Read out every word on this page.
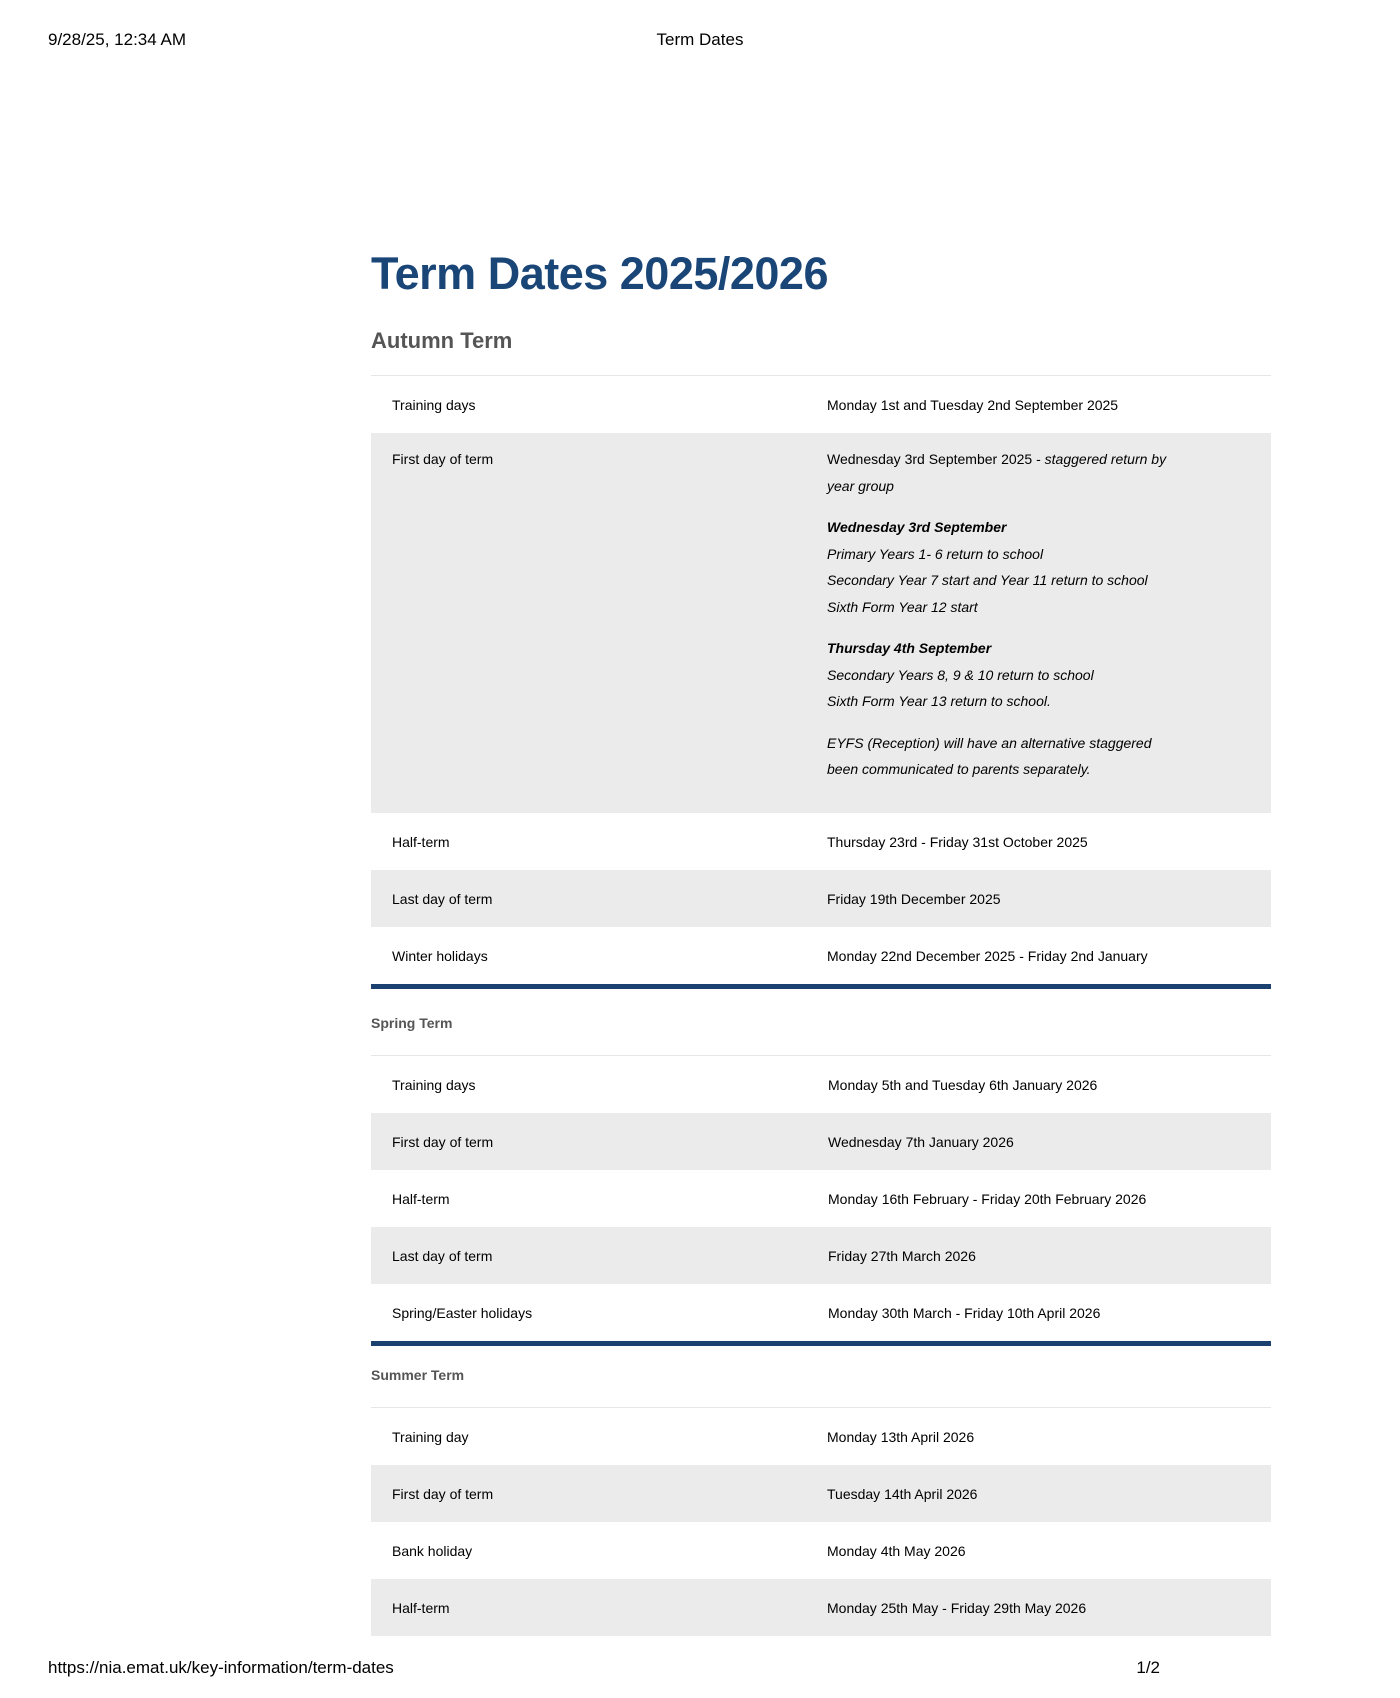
9/28/25, 12:34 AM	Term Dates
Term Dates 2025/2026
Autumn Term
Training days	Monday 1st and Tuesday 2nd September 2025
First day of term	Wednesday 3rd September 2025 - staggered return by
year group
Wednesday 3rd September
Primary Years 1- 6 return to school
Secondary Year 7 start and Year 11 return to school
Sixth Form Year 12 start
Thursday 4th September
Secondary Years 8, 9 & 10 return to school
Sixth Form Year 13 return to school.
EYFS (Reception) will have an alternative staggered
been communicated to parents separately.
Half-term	Thursday 23rd - Friday 31st October 2025
Last day of term	Friday 19th December 2025
Winter holidays	Monday 22nd December 2025 - Friday 2nd January
Spring Term
Training days	Monday 5th and Tuesday 6th January 2026
First day of term	Wednesday 7th January 2026
Half-term	Monday 16th February - Friday 20th February 2026
Last day of term	Friday 27th March 2026
Spring/Easter holidays	Monday 30th March - Friday 10th April 2026
Summer Term
Training day	Monday 13th April 2026
First day of term	Tuesday 14th April 2026
Bank holiday	Monday 4th May 2026
Half-term	Monday 25th May - Friday 29th May 2026
https://nia.emat.uk/key-information/term-dates	1/2
